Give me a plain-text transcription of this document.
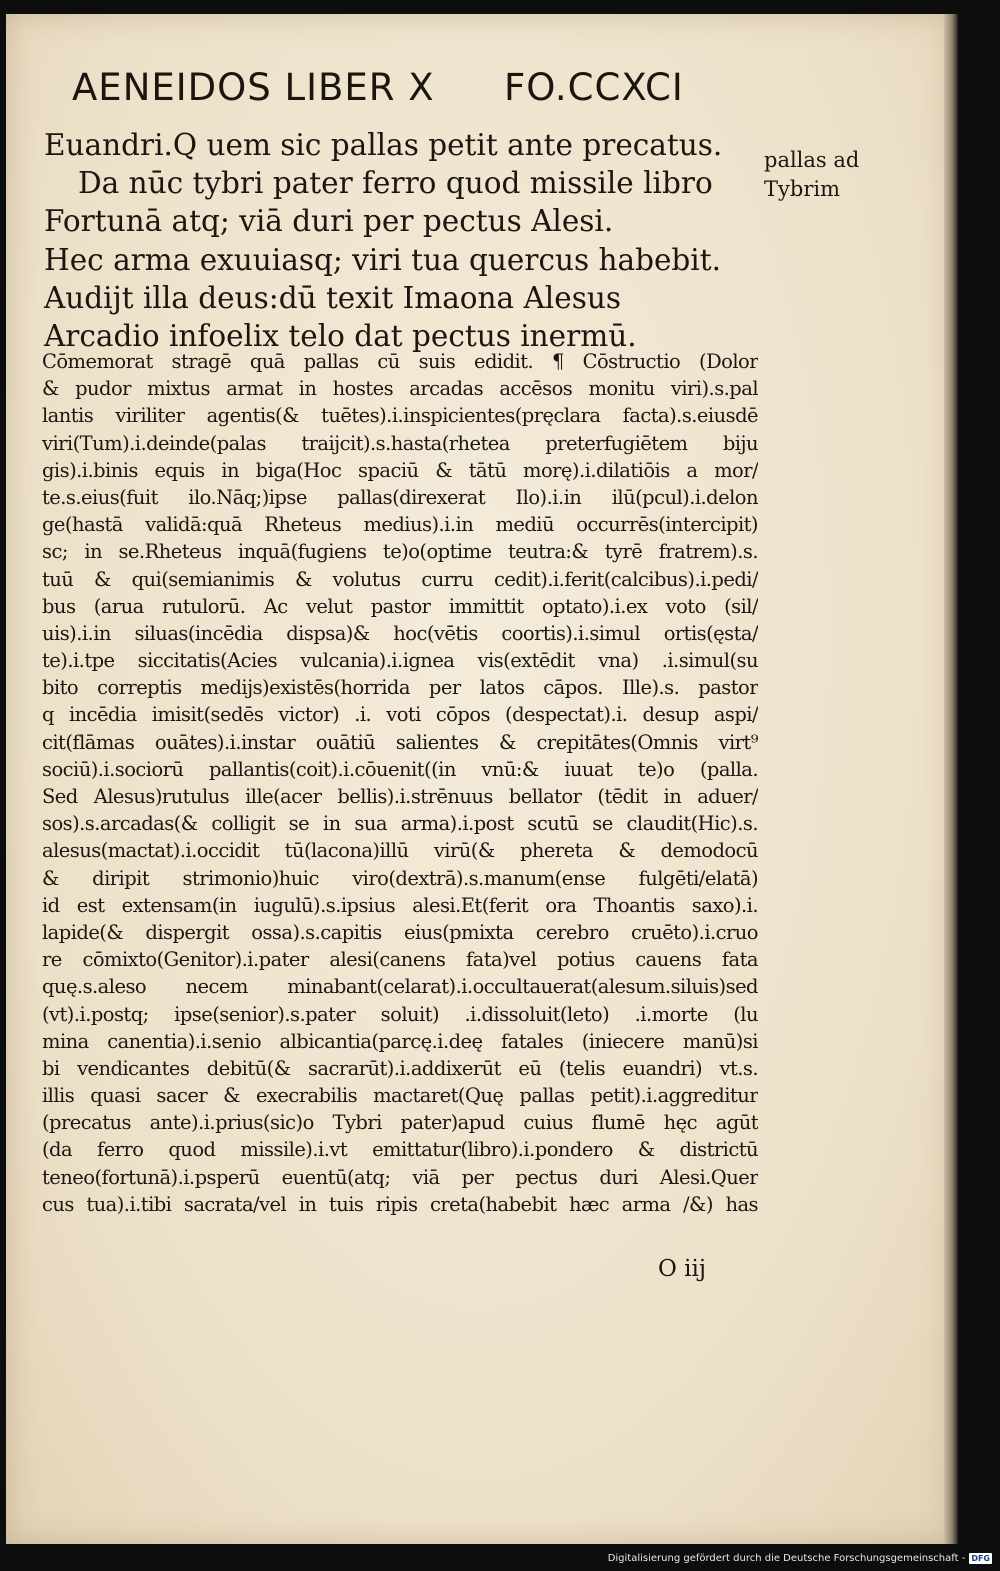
AENEIDOS LIBER X FO.CCXCI
pallas ad
Tybrim
Euandri.Q uem sic pallas petit ante precatus.
Da nūc tybri pater ferro quod missile libro
Fortunā atq; viā duri per pectus Alesi.
Hec arma exuuiasq; viri tua quercus habebit.
Audijt illa deus:dū texit Imaona Alesus
Arcadio infoelix telo dat pectus inermū.
Cōmemorat stragē quā pallas cū suis edidit. ¶ Cōstructio (Dolor
& pudor mixtus armat in hostes arcadas accēsos monitu viri).s.pal
lantis viriliter agentis(& tuētes).i.inspicientes(pręclara facta).s.eiusdē
viri(Tum).i.deinde(palas traijcit).s.hasta(rhetea preterfugiētem biju
gis).i.binis equis in biga(Hoc spaciū & tātū morę).i.dilatiōis a mor/
te.s.eius(fuit ilo.Nāq;)ipse pallas(direxerat Ilo).i.in ilū(pcul).i.delon
ge(hastā validā:quā Rheteus medius).i.in mediū occurrēs(intercipit)
sc; in se.Rheteus inquā(fugiens te)o(optime teutra:& tyrē fratrem).s.
tuū & qui(semianimis & volutus curru cedit).i.ferit(calcibus).i.pedi/
bus (arua rutulorū. Ac velut pastor immittit optato).i.ex voto (sil/
uis).i.in siluas(incēdia dispsa)& hoc(vētis coortis).i.simul ortis(ęsta/
te).i.tpe siccitatis(Acies vulcania).i.ignea vis(extēdit vna) .i.simul(su
bito correptis medijs)existēs(horrida per latos cāpos. Ille).s. pastor
q incēdia imisit(sedēs victor) .i. voti cōpos (despectat).i. desup aspi/
cit(flāmas ouātes).i.instar ouātiū salientes & crepitātes(Omnis virt⁹
sociū).i.sociorū pallantis(coit).i.cōuenit((in vnū:& iuuat te)o (palla.
Sed Alesus)rutulus ille(acer bellis).i.strēnuus bellator (tēdit in aduer/
sos).s.arcadas(& colligit se in sua arma).i.post scutū se claudit(Hic).s.
alesus(mactat).i.occidit tū(lacona)illū virū(& phereta & demodocū
& diripit strimonio)huic viro(dextrā).s.manum(ense fulgēti/elatā)
id est extensam(in iugulū).s.ipsius alesi.Et(ferit ora Thoantis saxo).i.
lapide(& dispergit ossa).s.capitis eius(pmixta cerebro cruēto).i.cruo
re cōmixto(Genitor).i.pater alesi(canens fata)vel potius cauens fata
quę.s.aleso necem minabant(celarat).i.occultauerat(alesum.siluis)sed
(vt).i.postq; ipse(senior).s.pater soluit) .i.dissoluit(leto) .i.morte (lu
mina canentia).i.senio albicantia(parcę.i.deę fatales (iniecere manū)si
bi vendicantes debitū(& sacrarūt).i.addixerūt eū (telis euandri) vt.s.
illis quasi sacer & execrabilis mactaret(Quę pallas petit).i.aggreditur
(precatus ante).i.prius(sic)o Tybri pater)apud cuius flumē hęc agūt
(da ferro quod missile).i.vt emittatur(libro).i.pondero & districtū
teneo(fortunā).i.psperū euentū(atq; viā per pectus duri Alesi.Quer
cus tua).i.tibi sacrata/vel in tuis ripis creta(habebit hæc arma /&) has
O iij
Digitalisierung gefördert durch die Deutsche Forschungsgemeinschaft - DFG
